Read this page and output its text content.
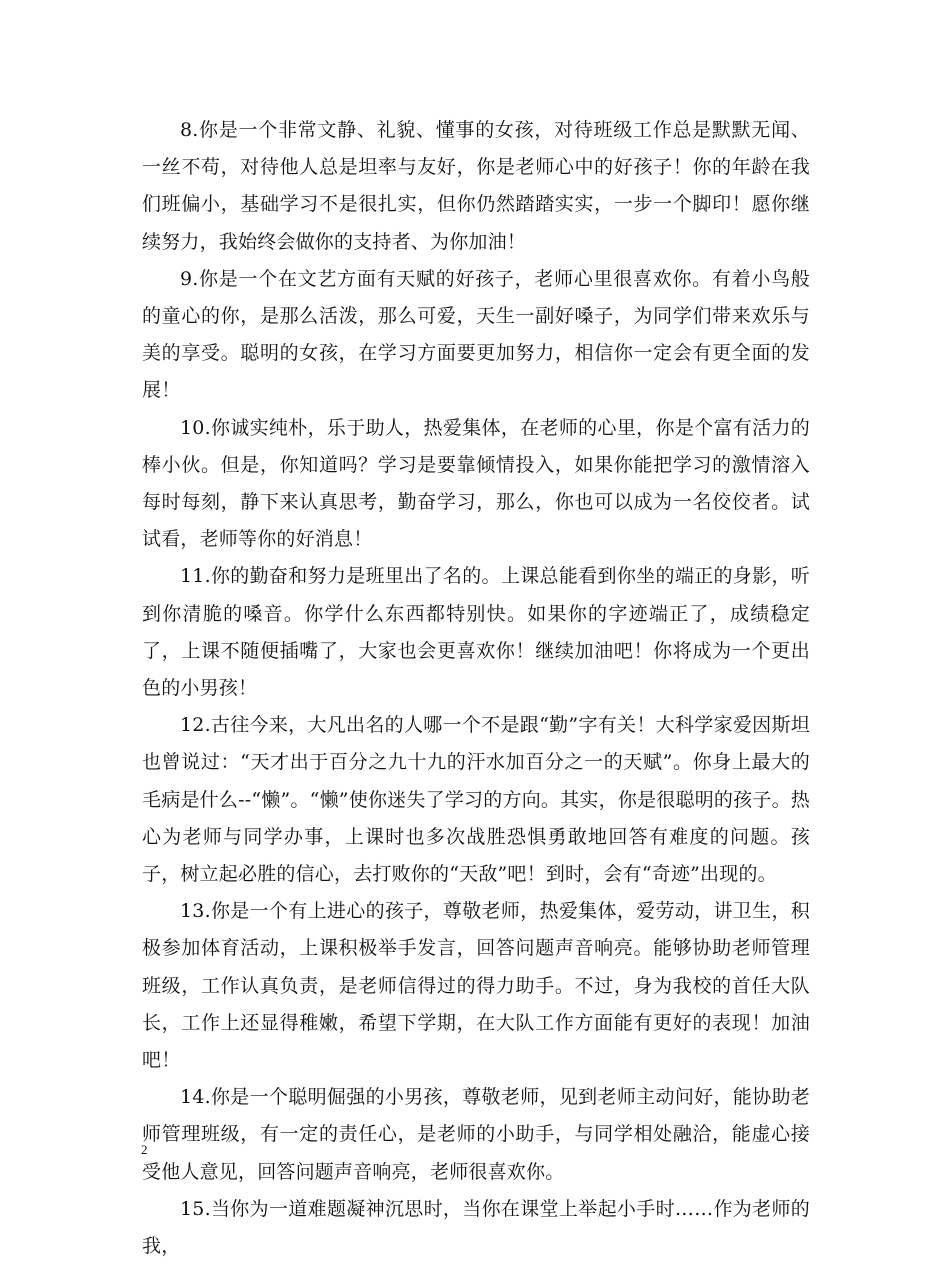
8.你是一个非常文静、礼貌、懂事的女孩，对待班级工作总是默默无闻、一丝不苟，对待他人总是坦率与友好，你是老师心中的好孩子！你的年龄在我们班偏小，基础学习不是很扎实，但你仍然踏踏实实，一步一个脚印！愿你继续努力，我始终会做你的支持者、为你加油！

9.你是一个在文艺方面有天赋的好孩子，老师心里很喜欢你。有着小鸟般的童心的你，是那么活泼，那么可爱，天生一副好嗓子，为同学们带来欢乐与美的享受。聪明的女孩，在学习方面要更加努力，相信你一定会有更全面的发展！

10.你诚实纯朴，乐于助人，热爱集体，在老师的心里，你是个富有活力的棒小伙。但是，你知道吗？学习是要靠倾情投入，如果你能把学习的激情溶入每时每刻，静下来认真思考，勤奋学习，那么，你也可以成为一名佼佼者。试试看，老师等你的好消息！

11.你的勤奋和努力是班里出了名的。上课总能看到你坐的端正的身影，听到你清脆的嗓音。你学什么东西都特别快。如果你的字迹端正了，成绩稳定了，上课不随便插嘴了，大家也会更喜欢你！继续加油吧！你将成为一个更出色的小男孩！

12.古往今来，大凡出名的人哪一个不是跟“勤”字有关！大科学家爱因斯坦也曾说过：“天才出于百分之九十九的汗水加百分之一的天赋”。你身上最大的毛病是什么--“懒”。“懒”使你迷失了学习的方向。其实，你是很聪明的孩子。热心为老师与同学办事，上课时也多次战胜恐惧勇敢地回答有难度的问题。孩子，树立起必胜的信心，去打败你的“天敌”吧！到时，会有“奇迹”出现的。

13.你是一个有上进心的孩子，尊敬老师，热爱集体，爱劳动，讲卫生，积极参加体育活动，上课积极举手发言，回答问题声音响亮。能够协助老师管理班级，工作认真负责，是老师信得过的得力助手。不过，身为我校的首任大队长，工作上还显得稚嫩，希望下学期，在大队工作方面能有更好的表现！加油吧！

14.你是一个聪明倔强的小男孩，尊敬老师，见到老师主动问好，能协助老师管理班级，有一定的责任心，是老师的小助手，与同学相处融洽，能虚心接受他人意见，回答问题声音响亮，老师很喜欢你。

15.当你为一道难题凝神沉思时，当你在课堂上举起小手时……作为老师的我，

2
